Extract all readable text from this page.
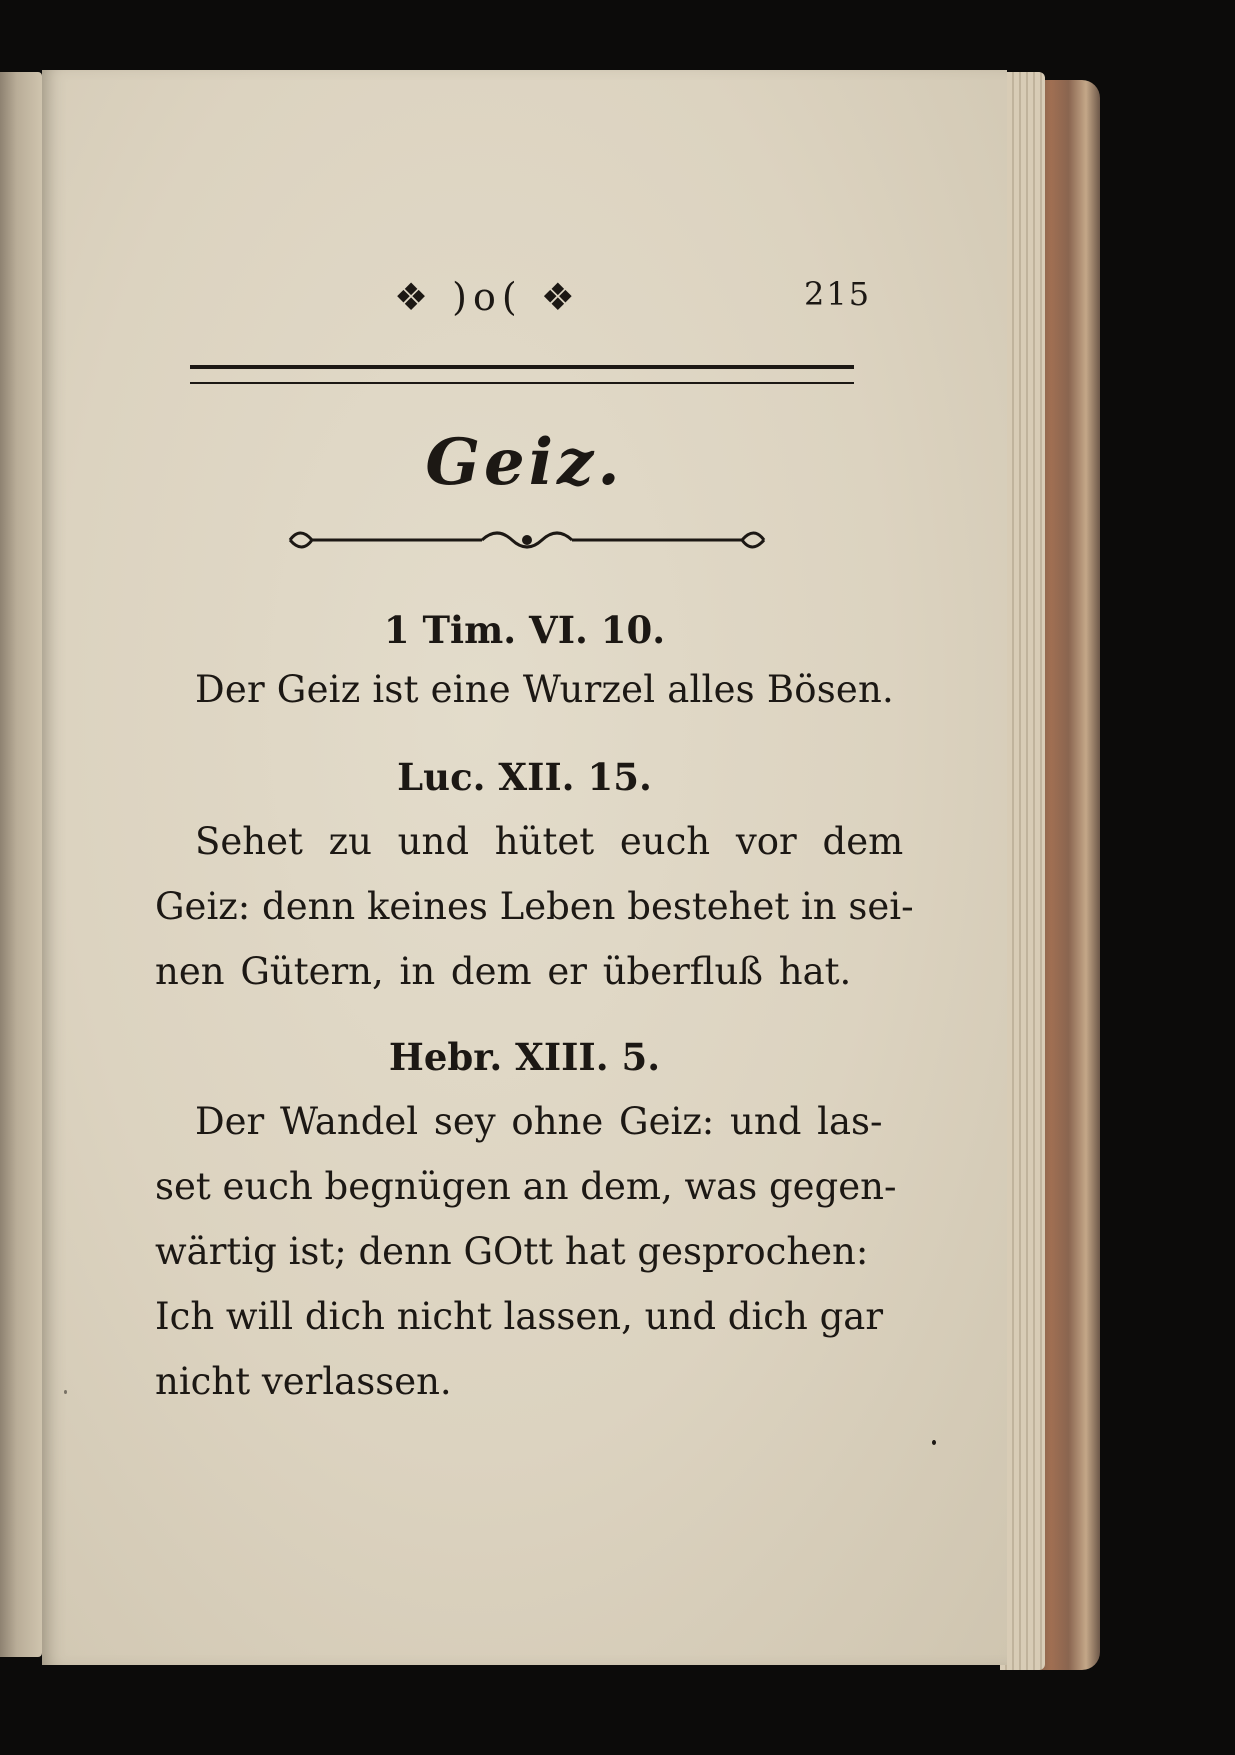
❖ )o( ❖	215
Geiz.
1 Tim. VI. 10.
Der Geiz ist eine Wurzel alles Bösen.
Luc. XII. 15.
Sehet zu und hütet euch vor dem
Geiz: denn keines Leben bestehet in sei-
nen Gütern, in dem er überfluß hat.
Hebr. XIII. 5.
Der Wandel sey ohne Geiz: und las-
set euch begnügen an dem, was gegen-
wärtig ist; denn GOtt hat gesprochen:
Ich will dich nicht lassen, und dich gar
nicht verlassen.
